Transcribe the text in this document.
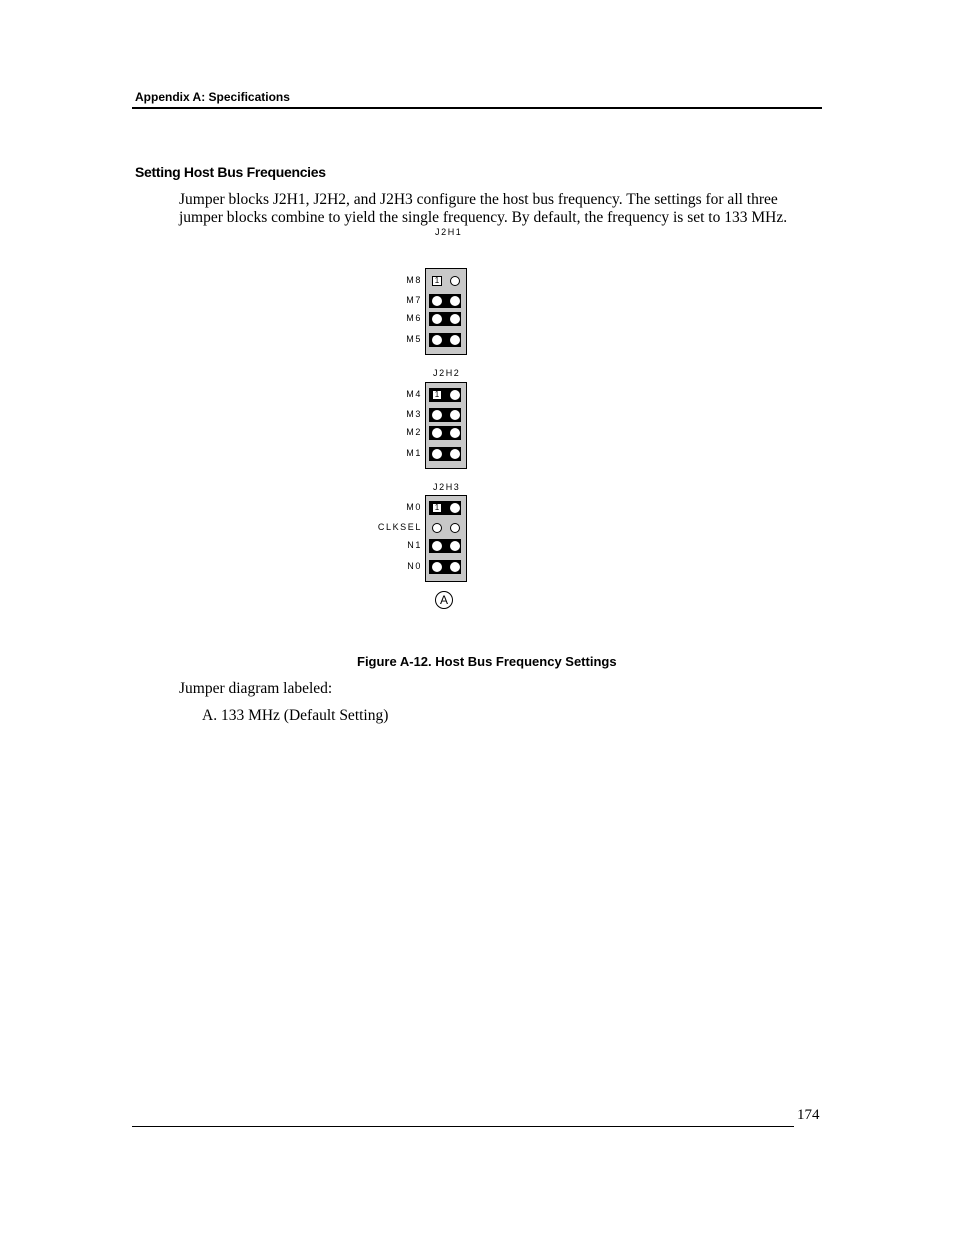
Appendix A: Specifications
Setting Host Bus Frequencies
Jumper blocks J2H1, J2H2, and J2H3 configure the host bus frequency. The settings for all three
jumper blocks combine to yield the single frequency. By default, the frequency is set to 133 MHz.
J2H1
M8
M7
M6
M5
1
J2H2
M4
M3
M2
M1
1
J2H3
M0
CLKSEL
N1
N0
1
A
Figure A-12. Host Bus Frequency Settings
Jumper diagram labeled:
A. 133 MHz (Default Setting)
174
